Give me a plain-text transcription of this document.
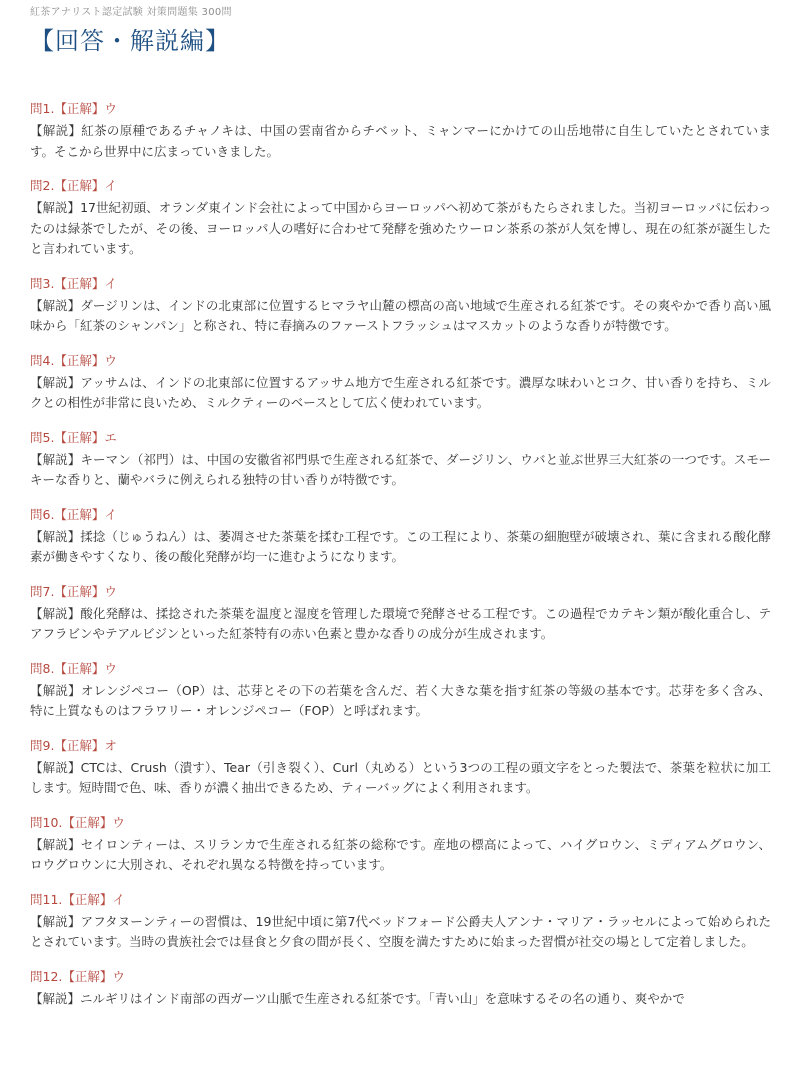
紅茶アナリスト認定試験 対策問題集 300問
【回答・解説編】

問1.【正解】ウ

【解説】紅茶の原種であるチャノキは、中国の雲南省からチベット、ミャンマーにかけての山岳地帯に自生していたとされています。そこから世界中に広まっていきました。

問2.【正解】イ

【解説】17世紀初頭、オランダ東インド会社によって中国からヨーロッパへ初めて茶がもたらされました。当初ヨーロッパに伝わったのは緑茶でしたが、その後、ヨーロッパ人の嗜好に合わせて発酵を強めたウーロン茶系の茶が人気を博し、現在の紅茶が誕生したと言われています。

問3.【正解】イ

【解説】ダージリンは、インドの北東部に位置するヒマラヤ山麓の標高の高い地域で生産される紅茶です。その爽やかで香り高い風味から「紅茶のシャンパン」と称され、特に春摘みのファーストフラッシュはマスカットのような香りが特徴です。

問4.【正解】ウ

【解説】アッサムは、インドの北東部に位置するアッサム地方で生産される紅茶です。濃厚な味わいとコク、甘い香りを持ち、ミルクとの相性が非常に良いため、ミルクティーのベースとして広く使われています。

問5.【正解】エ

【解説】キーマン（祁門）は、中国の安徽省祁門県で生産される紅茶で、ダージリン、ウバと並ぶ世界三大紅茶の一つです。スモーキーな香りと、蘭やバラに例えられる独特の甘い香りが特徴です。

問6.【正解】イ

【解説】揉捻（じゅうねん）は、萎凋させた茶葉を揉む工程です。この工程により、茶葉の細胞壁が破壊され、葉に含まれる酸化酵素が働きやすくなり、後の酸化発酵が均一に進むようになります。

問7.【正解】ウ

【解説】酸化発酵は、揉捻された茶葉を温度と湿度を管理した環境で発酵させる工程です。この過程でカテキン類が酸化重合し、テアフラビンやテアルビジンといった紅茶特有の赤い色素と豊かな香りの成分が生成されます。

問8.【正解】ウ

【解説】オレンジペコー（OP）は、芯芽とその下の若葉を含んだ、若く大きな葉を指す紅茶の等級の基本です。芯芽を多く含み、特に上質なものはフラワリー・オレンジペコー（FOP）と呼ばれます。

問9.【正解】オ

【解説】CTCは、Crush（潰す）、Tear（引き裂く）、Curl（丸める）という3つの工程の頭文字をとった製法で、茶葉を粒状に加工します。短時間で色、味、香りが濃く抽出できるため、ティーバッグによく利用されます。

問10.【正解】ウ

【解説】セイロンティーは、スリランカで生産される紅茶の総称です。産地の標高によって、ハイグロウン、ミディアムグロウン、ロウグロウンに大別され、それぞれ異なる特徴を持っています。

問11.【正解】イ

【解説】アフタヌーンティーの習慣は、19世紀中頃に第7代ベッドフォード公爵夫人アンナ・マリア・ラッセルによって始められたとされています。当時の貴族社会では昼食と夕食の間が長く、空腹を満たすために始まった習慣が社交の場として定着しました。

問12.【正解】ウ

【解説】ニルギリはインド南部の西ガーツ山脈で生産される紅茶です。「青い山」を意味するその名の通り、爽やかで
